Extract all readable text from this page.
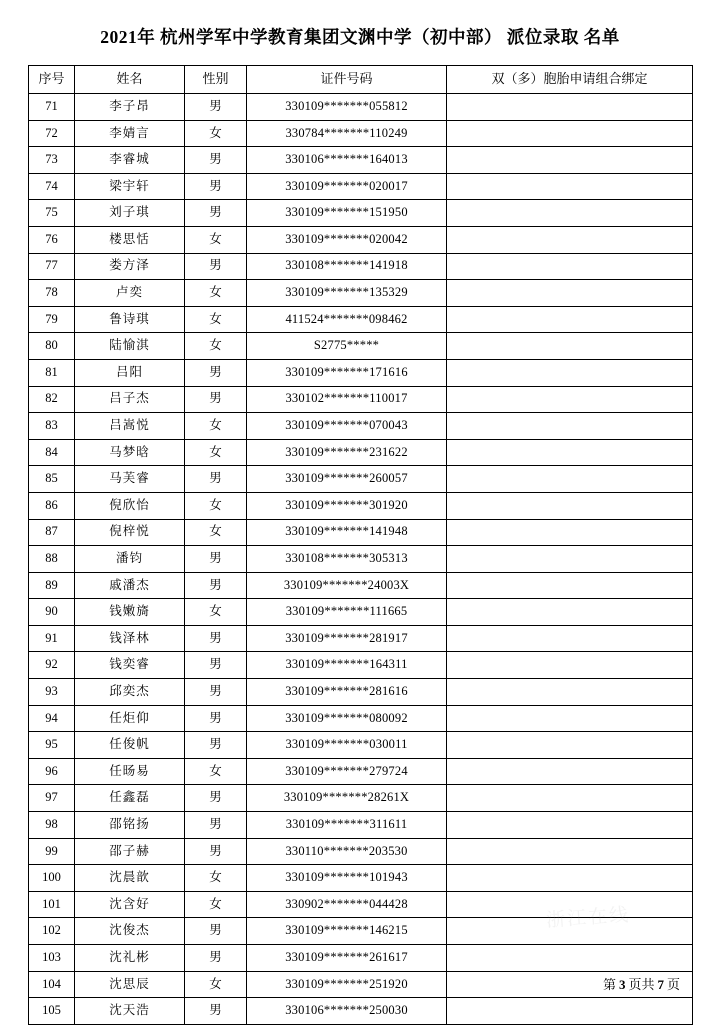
2021年 杭州学军中学教育集团文渊中学（初中部） 派位录取 名单
序号	姓名	性别	证件号码	双（多）胞胎申请组合绑定
71	李子昂	男	330109*******055812	
72	李婧言	女	330784*******110249	
73	李睿城	男	330106*******164013	
74	梁宇轩	男	330109*******020017	
75	刘子琪	男	330109*******151950	
76	楼思恬	女	330109*******020042	
77	娄方泽	男	330108*******141918	
78	卢奕	女	330109*******135329	
79	鲁诗琪	女	411524*******098462	
80	陆愉淇	女	S2775*****	
81	吕阳	男	330109*******171616	
82	吕子杰	男	330102*******110017	
83	吕嵩悦	女	330109*******070043	
84	马梦晗	女	330109*******231622	
85	马芙睿	男	330109*******260057	
86	倪欣怡	女	330109*******301920	
87	倪梓悦	女	330109*******141948	
88	潘钧	男	330108*******305313	
89	戚潘杰	男	330109*******24003X	
90	钱嫩旖	女	330109*******111665	
91	钱泽林	男	330109*******281917	
92	钱奕睿	男	330109*******164311	
93	邱奕杰	男	330109*******281616	
94	任炬仰	男	330109*******080092	
95	任俊帆	男	330109*******030011	
96	任旸易	女	330109*******279724	
97	任鑫磊	男	330109*******28261X	
98	邵铭扬	男	330109*******311611	
99	邵子赫	男	330110*******203530	
100	沈晨歆	女	330109*******101943	
101	沈含好	女	330902*******044428	
102	沈俊杰	男	330109*******146215	
103	沈礼彬	男	330109*******261617	
104	沈思辰	女	330109*******251920	
105	沈天浩	男	330106*******250030	
浙江在线
第 3 页共 7 页
